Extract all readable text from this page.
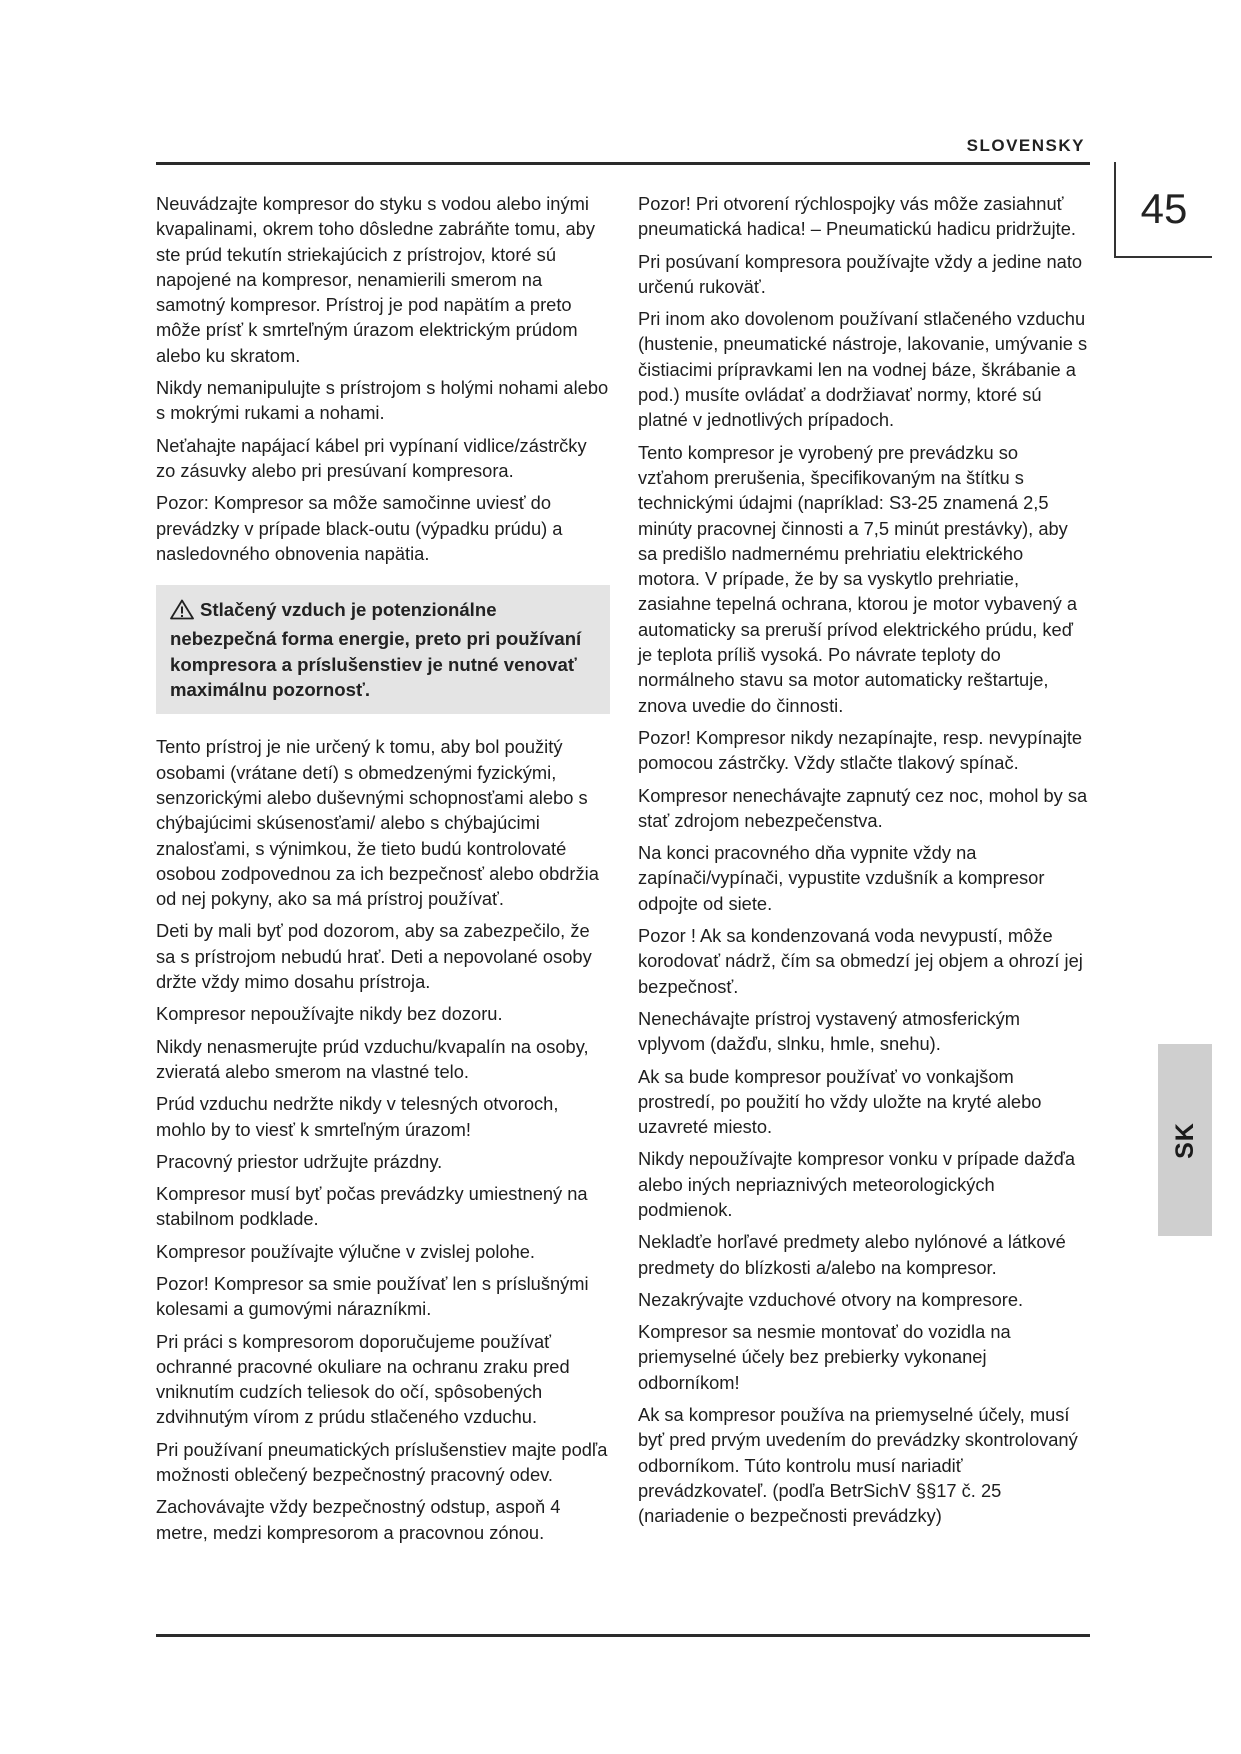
SLOVENSKY
45
SK

Neuvádzajte kompresor do styku s vodou alebo inými kvapalinami, okrem toho dôsledne zabráňte tomu, aby ste prúd tekutín striekajúcich z prístrojov, ktoré sú napojené na kompresor, nenamierili smerom na samotný kompresor. Prístroj je pod napätím a preto môže prísť k smrteľným úrazom elektrickým prúdom alebo ku skratom.

Nikdy nemanipulujte s prístrojom s holými nohami alebo s mokrými rukami a nohami.

Neťahajte napájací kábel pri vypínaní vidlice/zástrčky zo zásuvky alebo pri presúvaní kompresora.

Pozor: Kompresor sa môže samočinne uviesť do prevádzky v prípade black-outu (výpadku prúdu) a nasledovného obnovenia napätia.

Stlačený vzduch je potenzionálne nebezpečná forma energie, preto pri používaní kompresora a príslušenstiev je nutné venovať maximálnu pozornosť.

Tento prístroj je nie určený k tomu, aby bol použitý osobami (vrátane detí) s obmedzenými fyzickými, senzorickými alebo duševnými schopnosťami alebo s chýbajúcimi skúsenosťami/ alebo s chýbajúcimi znalosťami, s výnimkou, že tieto budú kontrolovaté osobou zodpovednou za ich bezpečnosť alebo obdržia od nej pokyny, ako sa má prístroj používať.

Deti by mali byť pod dozorom, aby sa zabezpečilo, že sa s prístrojom nebudú hrať. Deti a nepovolané osoby držte vždy mimo dosahu prístroja.

Kompresor nepoužívajte nikdy bez dozoru.

Nikdy nenasmerujte prúd vzduchu/kvapalín na osoby, zvieratá alebo smerom na vlastné telo.

Prúd vzduchu nedržte nikdy v telesných otvoroch, mohlo by to viesť k smrteľným úrazom!

Pracovný priestor udržujte prázdny.

Kompresor musí byť počas prevádzky umiestnený na stabilnom podklade.

Kompresor používajte výlučne v zvislej polohe.

Pozor! Kompresor sa smie používať len s príslušnými kolesami a gumovými nárazníkmi.

Pri práci s kompresorom doporučujeme používať ochranné pracovné okuliare na ochranu zraku pred vniknutím cudzích teliesok do očí, spôsobených zdvihnutým vírom z prúdu stlačeného vzduchu.

Pri používaní pneumatických príslušenstiev majte podľa možnosti oblečený bezpečnostný pracovný odev.

Zachovávajte vždy bezpečnostný odstup, aspoň 4 metre, medzi kompresorom a pracovnou zónou.

Pozor! Pri otvorení rýchlospojky vás môže zasiahnuť pneumatická hadica! – Pneumatickú hadicu pridržujte.

Pri posúvaní kompresora používajte vždy a jedine nato určenú rukoväť.

Pri inom ako dovolenom používaní stlačeného vzduchu (hustenie, pneumatické nástroje, lakovanie, umývanie s čistiacimi prípravkami len na vodnej báze, škrábanie a pod.) musíte ovládať a dodržiavať normy, ktoré sú platné v jednotlivých prípadoch.

Tento kompresor je vyrobený pre prevádzku so vzťahom prerušenia, špecifikovaným na štítku s technickými údajmi (napríklad: S3-25 znamená 2,5 minúty pracovnej činnosti a 7,5 minút prestávky), aby sa predišlo nadmernému prehriatiu elektrického motora. V prípade, že by sa vyskytlo prehriatie, zasiahne tepelná ochrana, ktorou je motor vybavený a automaticky sa preruší prívod elektrického prúdu, keď je teplota príliš vysoká. Po návrate teploty do normálneho stavu sa motor automaticky reštartuje, znova uvedie do činnosti.

Pozor! Kompresor nikdy nezapínajte, resp. nevypínajte pomocou zástrčky. Vždy stlačte tlakový spínač.

Kompresor nenechávajte zapnutý cez noc, mohol by sa stať zdrojom nebezpečenstva.

Na konci pracovného dňa vypnite vždy na zapínači/vypínači, vypustite vzdušník a kompresor odpojte od siete.

Pozor ! Ak sa kondenzovaná voda nevypustí, môže korodovať nádrž, čím sa obmedzí jej objem a ohrozí jej bezpečnosť.

Nenechávajte prístroj vystavený atmosferickým vplyvom (dažďu, slnku, hmle, snehu).

Ak sa bude kompresor používať vo vonkajšom prostredí, po použití ho vždy uložte na kryté alebo uzavreté miesto.

Nikdy nepoužívajte kompresor vonku v prípade dažďa alebo iných nepriaznivých meteorologických podmienok.

Nekladťe horľavé predmety alebo nylónové a látkové predmety do blízkosti a/alebo na kompresor.

Nezakrývajte vzduchové otvory na kompresore.

Kompresor sa nesmie montovať do vozidla na priemyselné účely bez prebierky vykonanej odborníkom!

Ak sa kompresor používa na priemyselné účely, musí byť pred prvým uvedením do prevádzky skontrolovaný odborníkom. Túto kontrolu musí nariadiť prevádzkovateľ. (podľa BetrSichV §§17 č. 25 (nariadenie o bezpečnosti prevádzky)
